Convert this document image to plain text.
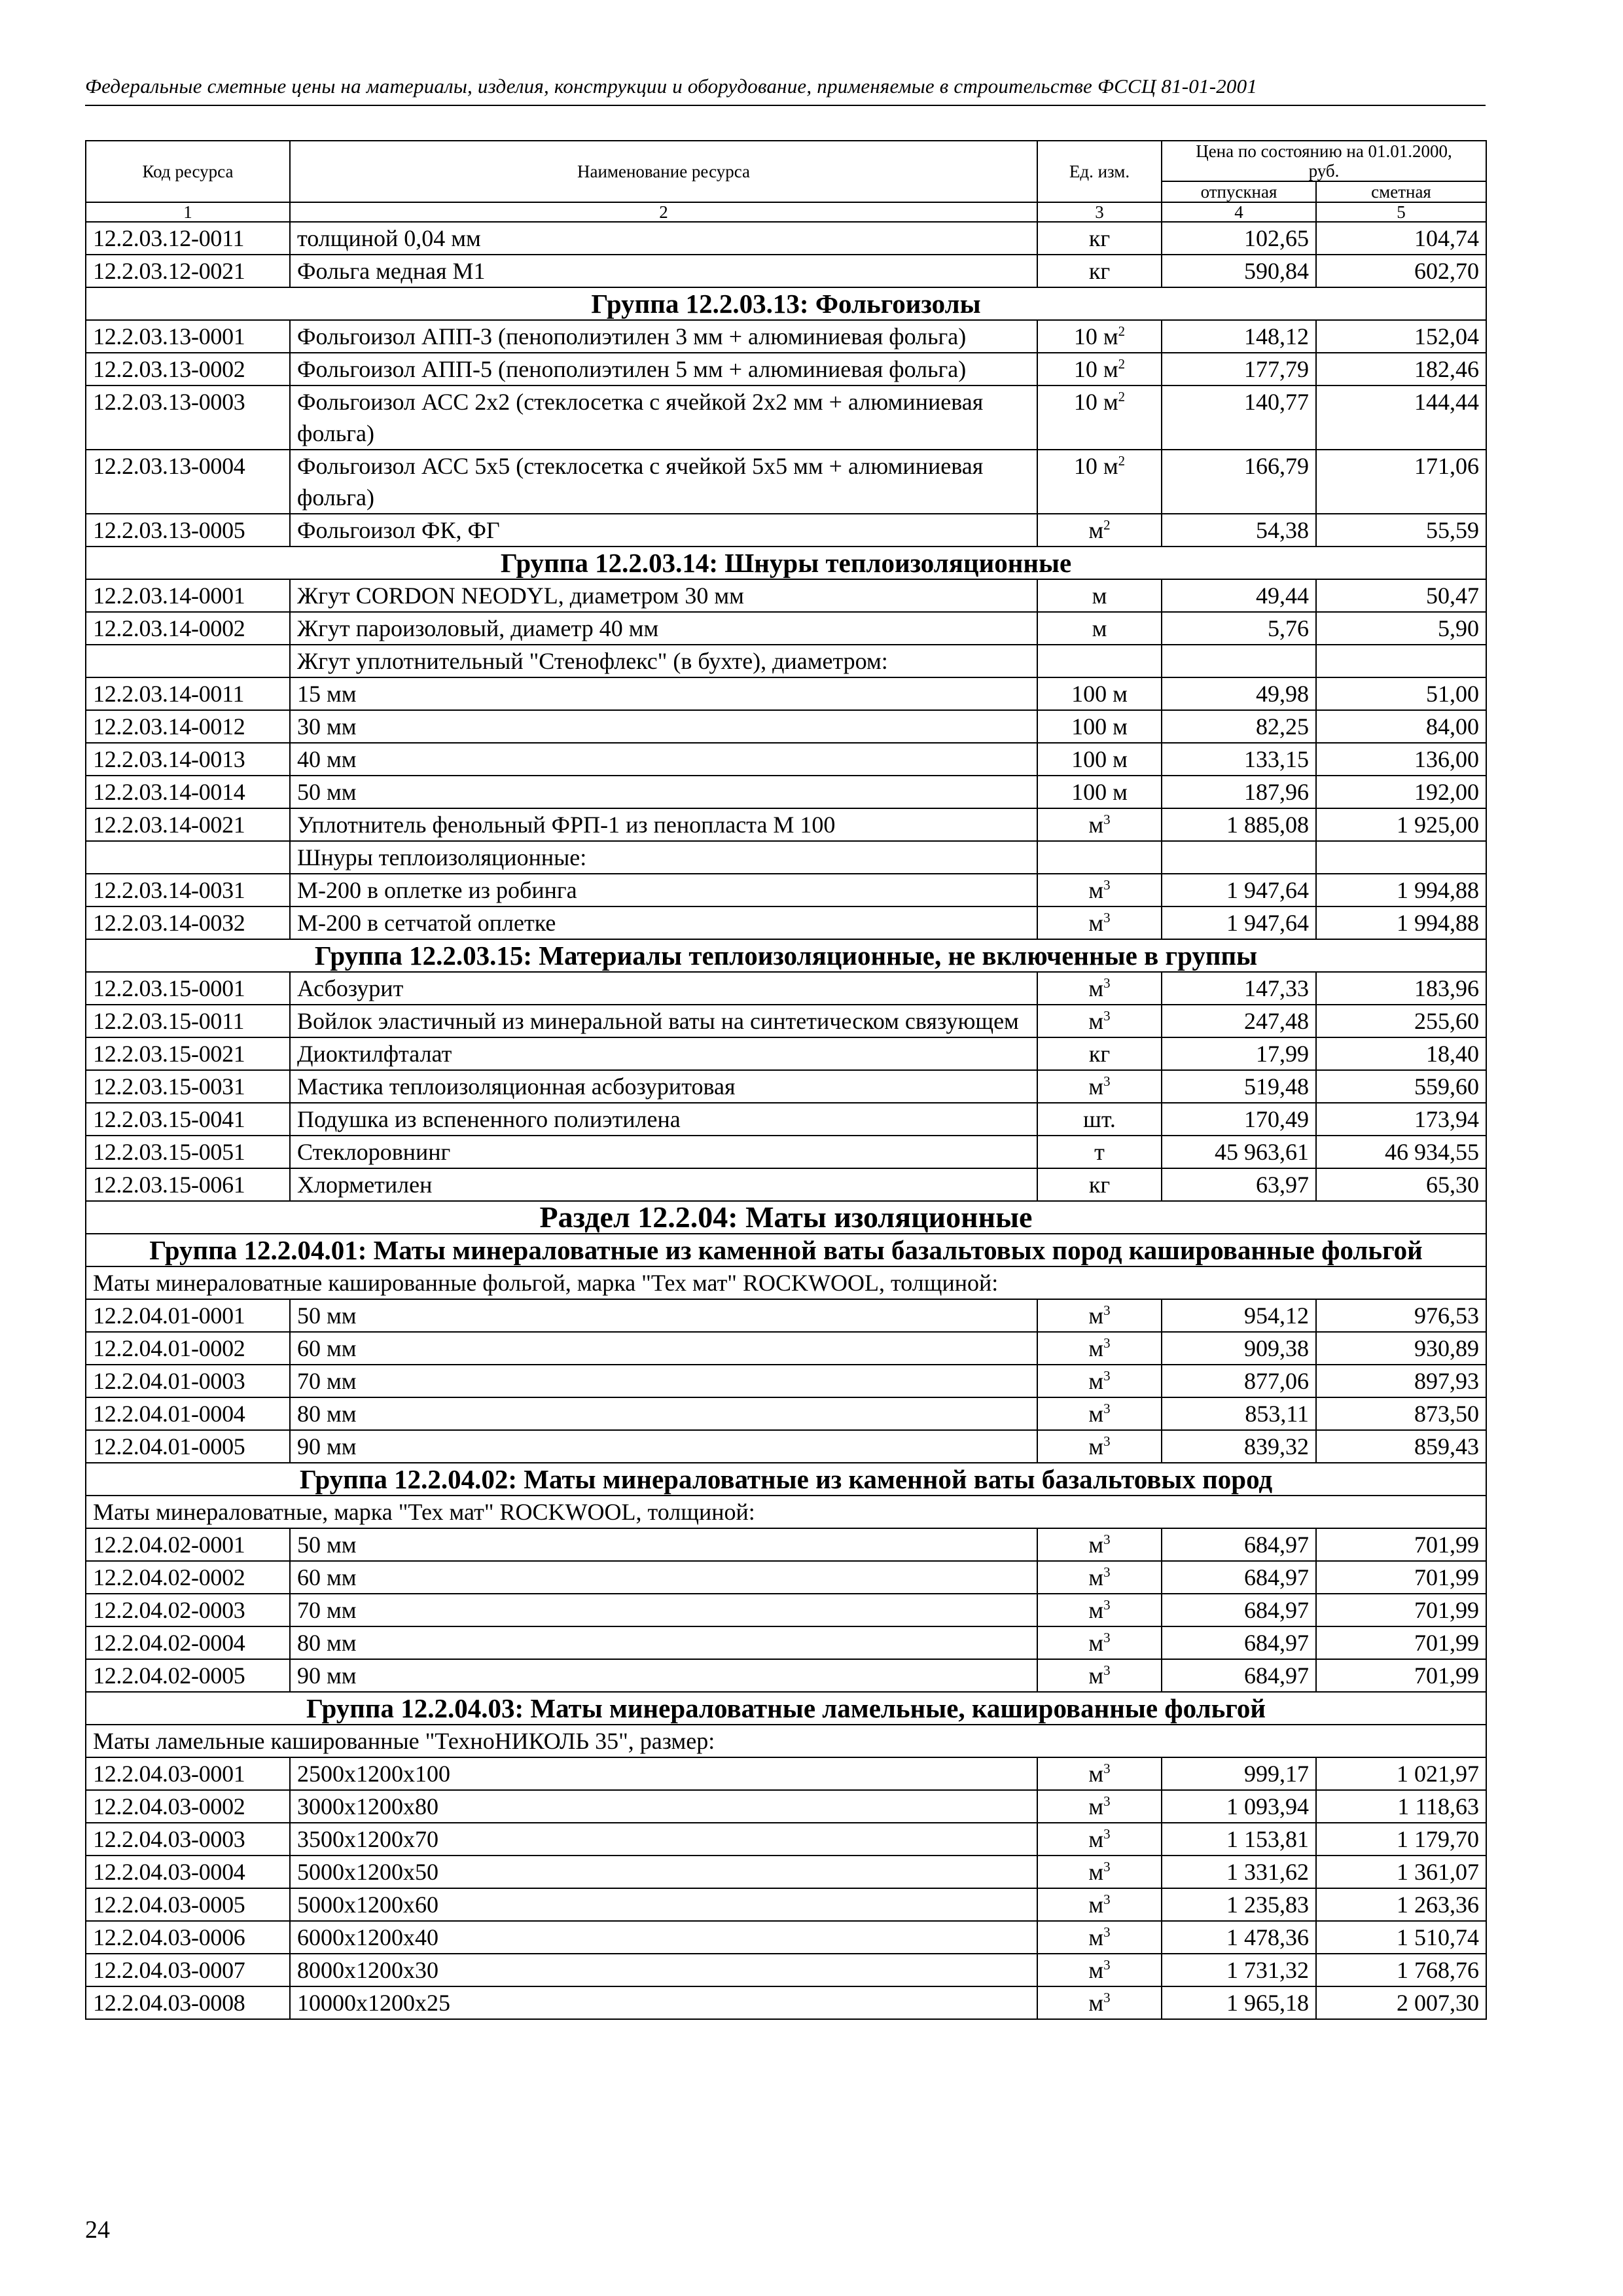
Федеральные сметные цены на материалы, изделия, конструкции и оборудование, применяемые в строительстве ФССЦ 81-01-2001
Код ресурса	Наименование ресурса	Ед. изм.	Цена по состоянию на 01.01.2000, руб.	
			отпускная	сметная
1	2	3	4	5
12.2.03.12-0011	толщиной 0,04 мм	кг	102,65	104,74
12.2.03.12-0021	Фольга медная М1	кг	590,84	602,70
Группа 12.2.03.13: Фольгоизолы				
12.2.03.13-0001	Фольгоизол АПП-3 (пенополиэтилен 3 мм + алюминиевая фольга)	10 $м^2$	148,12	152,04
12.2.03.13-0002	Фольгоизол АПП-5 (пенополиэтилен 5 мм + алюминиевая фольга)	10 $м^2$	177,79	182,46
12.2.03.13-0003	Фольгоизол АСС 2х2 (стеклосетка с ячейкой 2х2 мм + алюминиевая фольга)	10 $м^2$	140,77	144,44
12.2.03.13-0004	Фольгоизол АСС 5х5 (стеклосетка с ячейкой 5х5 мм + алюминиевая фольга)	10 $м^2$	166,79	171,06
12.2.03.13-0005	Фольгоизол ФК, ФГ	$м^2$	54,38	55,59
Группа 12.2.03.14: Шнуры теплоизоляционные				
12.2.03.14-0001	Жгут CORDON NEODYL, диаметром 30 мм	м	49,44	50,47
12.2.03.14-0002	Жгут пароизоловый, диаметр 40 мм	м	5,76	5,90
	Жгут уплотнительный "Стенофлекс" (в бухте), диаметром:			
12.2.03.14-0011	15 мм	100 м	49,98	51,00
12.2.03.14-0012	30 мм	100 м	82,25	84,00
12.2.03.14-0013	40 мм	100 м	133,15	136,00
12.2.03.14-0014	50 мм	100 м	187,96	192,00
12.2.03.14-0021	Уплотнитель фенольный ФРП-1 из пенопласта М 100	$м^3$	1 885,08	1 925,00
	Шнуры теплоизоляционные:			
12.2.03.14-0031	М-200 в оплетке из робинга	$м^3$	1 947,64	1 994,88
12.2.03.14-0032	М-200 в сетчатой оплетке	$м^3$	1 947,64	1 994,88
Группа 12.2.03.15: Материалы теплоизоляционные, не включенные в группы				
12.2.03.15-0001	Асбозурит	$м^3$	147,33	183,96
12.2.03.15-0011	Войлок эластичный из минеральной ваты на синтетическом связующем	$м^3$	247,48	255,60
12.2.03.15-0021	Диоктилфталат	кг	17,99	18,40
12.2.03.15-0031	Мастика теплоизоляционная асбозуритовая	$м^3$	519,48	559,60
12.2.03.15-0041	Подушка из вспененного полиэтилена	шт.	170,49	173,94
12.2.03.15-0051	Стеклоровнинг	т	45 963,61	46 934,55
12.2.03.15-0061	Хлорметилен	кг	63,97	65,30
Раздел 12.2.04: Маты изоляционные				
Группа 12.2.04.01: Маты минераловатные из каменной ваты базальтовых пород кашированные фольгой				
Маты минераловатные кашированные фольгой, марка "Тех мат" ROCKWOOL, толщиной:				
12.2.04.01-0001	50 мм	$м^3$	954,12	976,53
12.2.04.01-0002	60 мм	$м^3$	909,38	930,89
12.2.04.01-0003	70 мм	$м^3$	877,06	897,93
12.2.04.01-0004	80 мм	$м^3$	853,11	873,50
12.2.04.01-0005	90 мм	$м^3$	839,32	859,43
Группа 12.2.04.02: Маты минераловатные из каменной ваты базальтовых пород				
Маты минераловатные, марка "Тех мат" ROCKWOOL, толщиной:				
12.2.04.02-0001	50 мм	$м^3$	684,97	701,99
12.2.04.02-0002	60 мм	$м^3$	684,97	701,99
12.2.04.02-0003	70 мм	$м^3$	684,97	701,99
12.2.04.02-0004	80 мм	$м^3$	684,97	701,99
12.2.04.02-0005	90 мм	$м^3$	684,97	701,99
Группа 12.2.04.03: Маты минераловатные ламельные, кашированные фольгой				
Маты ламельные кашированные "ТехноНИКОЛЬ 35", размер:				
12.2.04.03-0001	2500х1200х100	$м^3$	999,17	1 021,97
12.2.04.03-0002	3000х1200х80	$м^3$	1 093,94	1 118,63
12.2.04.03-0003	3500х1200х70	$м^3$	1 153,81	1 179,70
12.2.04.03-0004	5000х1200х50	$м^3$	1 331,62	1 361,07
12.2.04.03-0005	5000х1200х60	$м^3$	1 235,83	1 263,36
12.2.04.03-0006	6000х1200х40	$м^3$	1 478,36	1 510,74
12.2.04.03-0007	8000х1200х30	$м^3$	1 731,32	1 768,76
12.2.04.03-0008	10000х1200х25	$м^3$	1 965,18	2 007,30
24
